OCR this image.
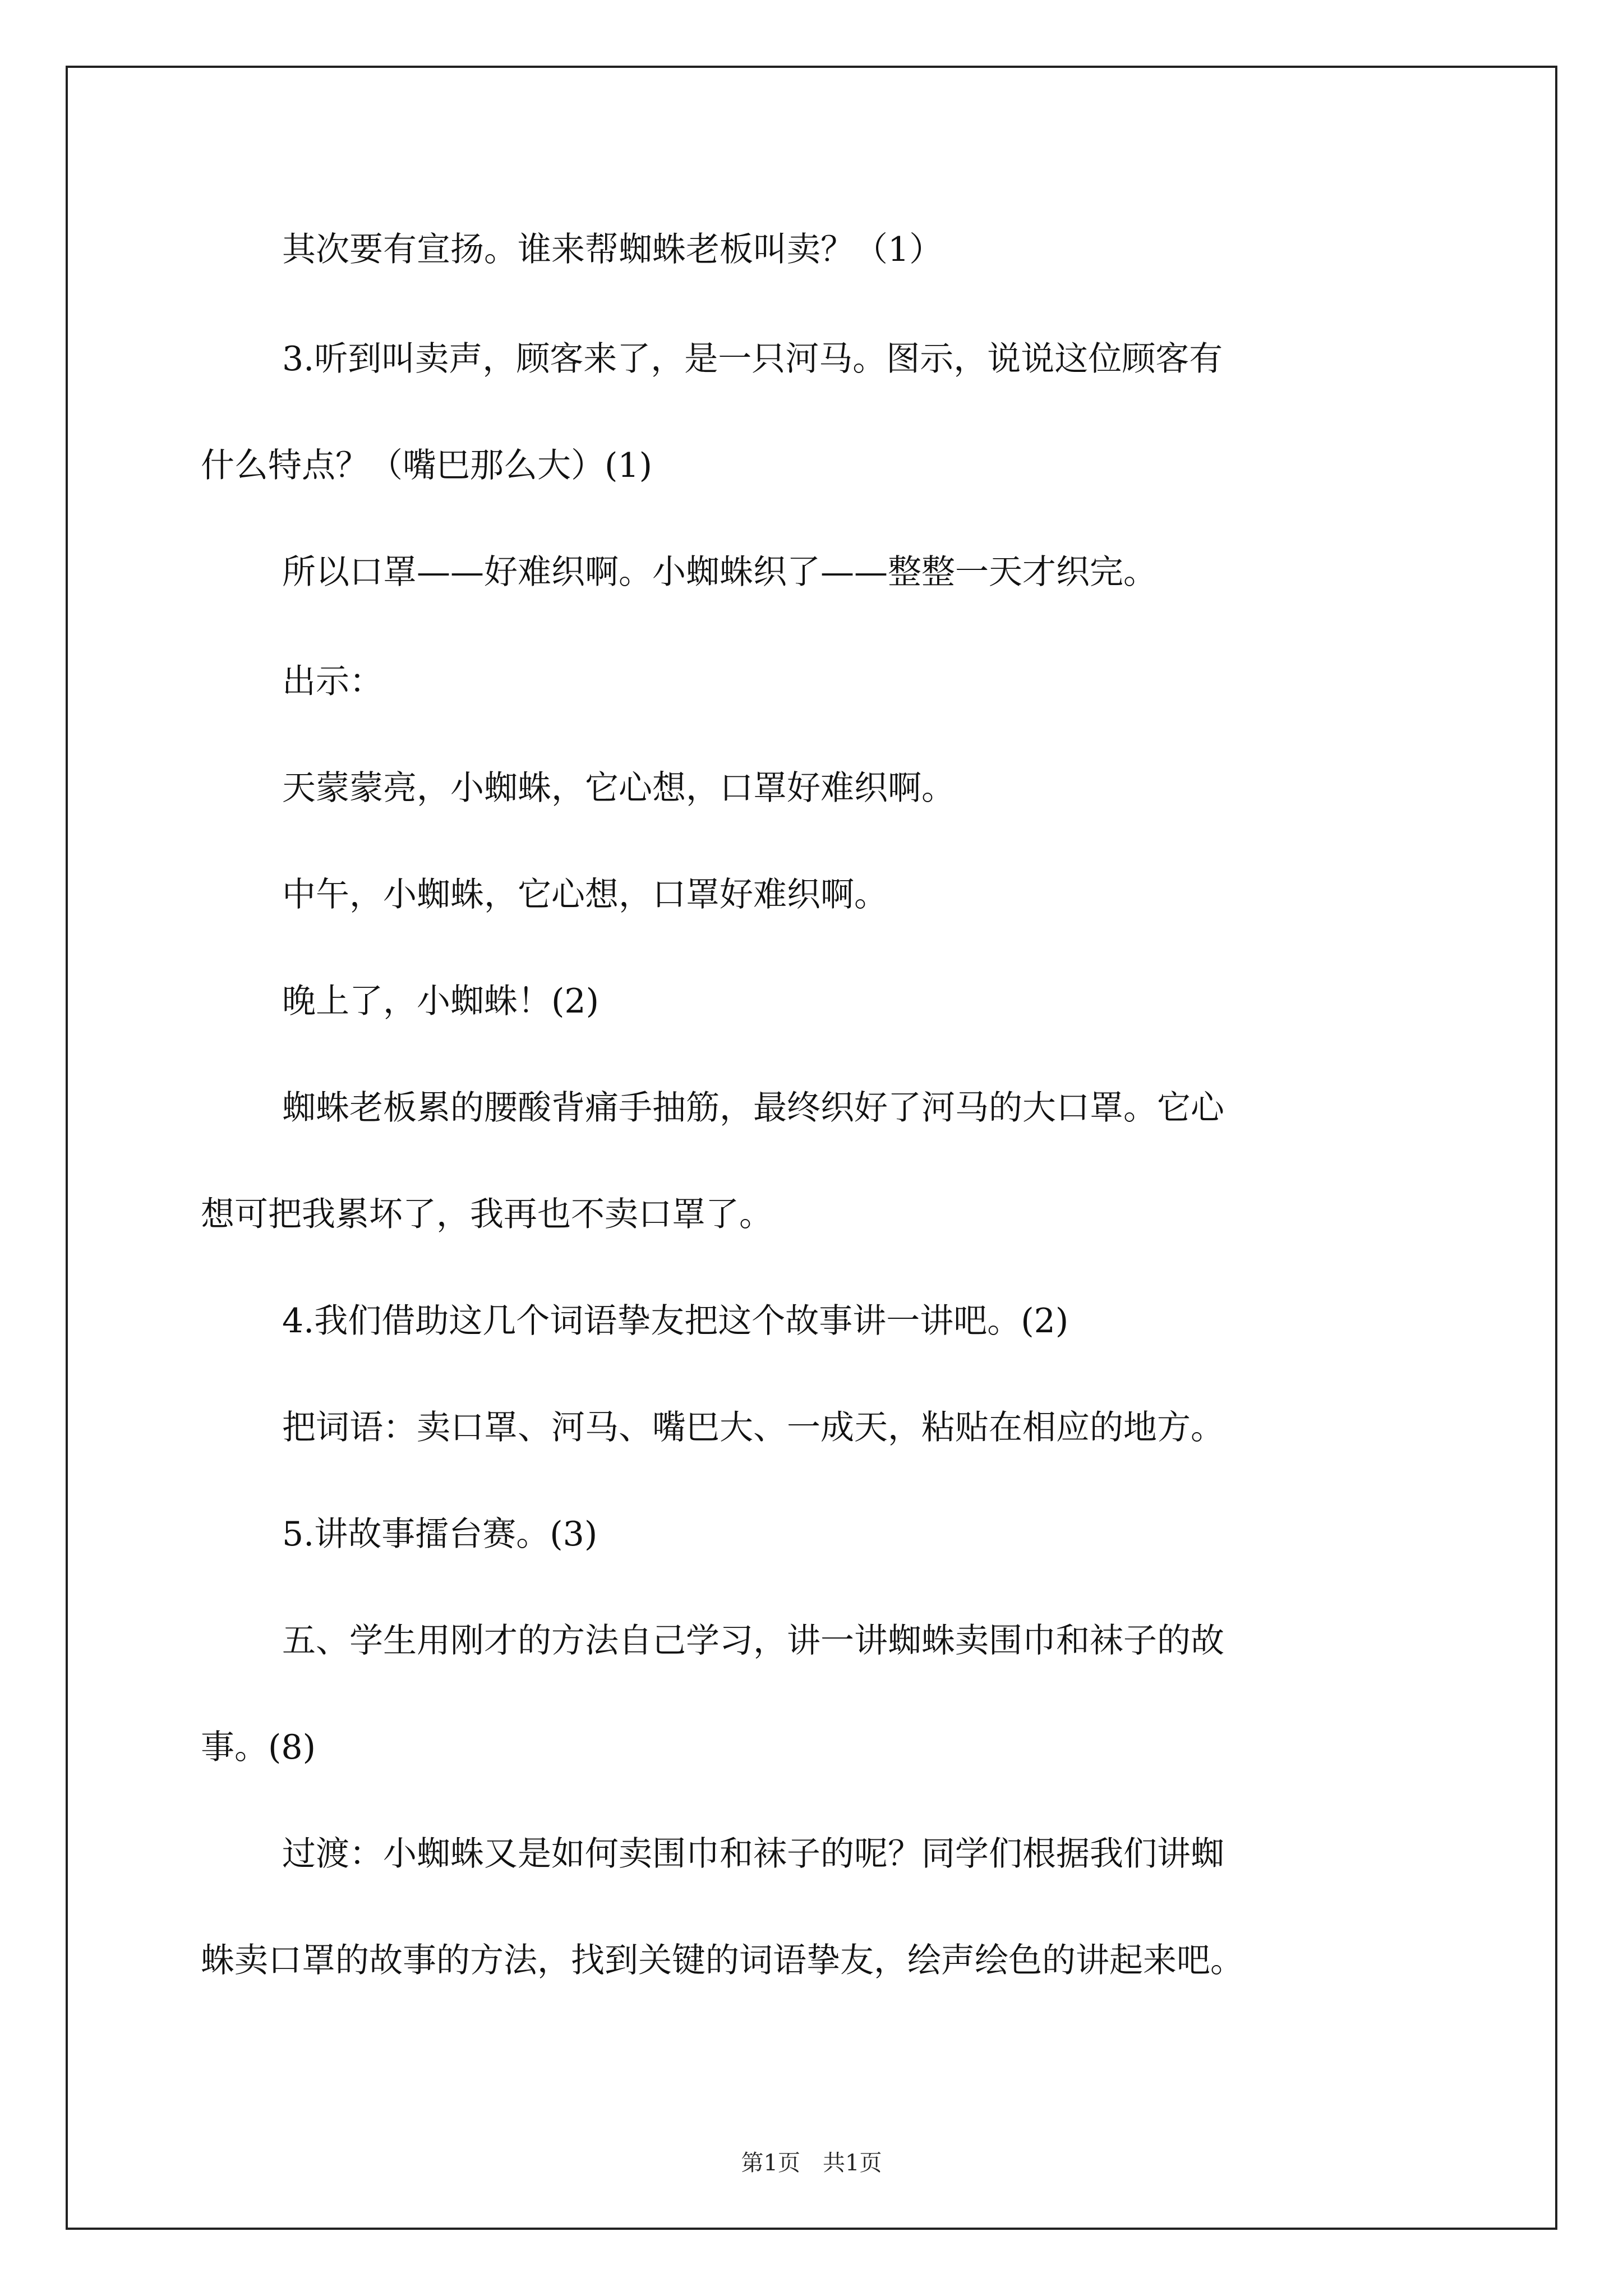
其次要有宣扬。谁来帮蜘蛛老板叫卖？（1）
3.听到叫卖声，顾客来了，是一只河马。图示，说说这位顾客有
什么特点？（嘴巴那么大）(1)
所以口罩——好难织啊。小蜘蛛织了——整整一天才织完。
出示：
天蒙蒙亮，小蜘蛛，它心想，口罩好难织啊。
中午，小蜘蛛，它心想，口罩好难织啊。
晚上了，小蜘蛛！(2)
蜘蛛老板累的腰酸背痛手抽筋，最终织好了河马的大口罩。它心
想可把我累坏了，我再也不卖口罩了。
4.我们借助这几个词语挚友把这个故事讲一讲吧。(2)
把词语：卖口罩、河马、嘴巴大、一成天，粘贴在相应的地方。
5.讲故事擂台赛。(3)
五、学生用刚才的方法自己学习，讲一讲蜘蛛卖围巾和袜子的故
事。(8)
过渡：小蜘蛛又是如何卖围巾和袜子的呢？同学们根据我们讲蜘
蛛卖口罩的故事的方法，找到关键的词语挚友，绘声绘色的讲起来吧。
第1页　共1页
